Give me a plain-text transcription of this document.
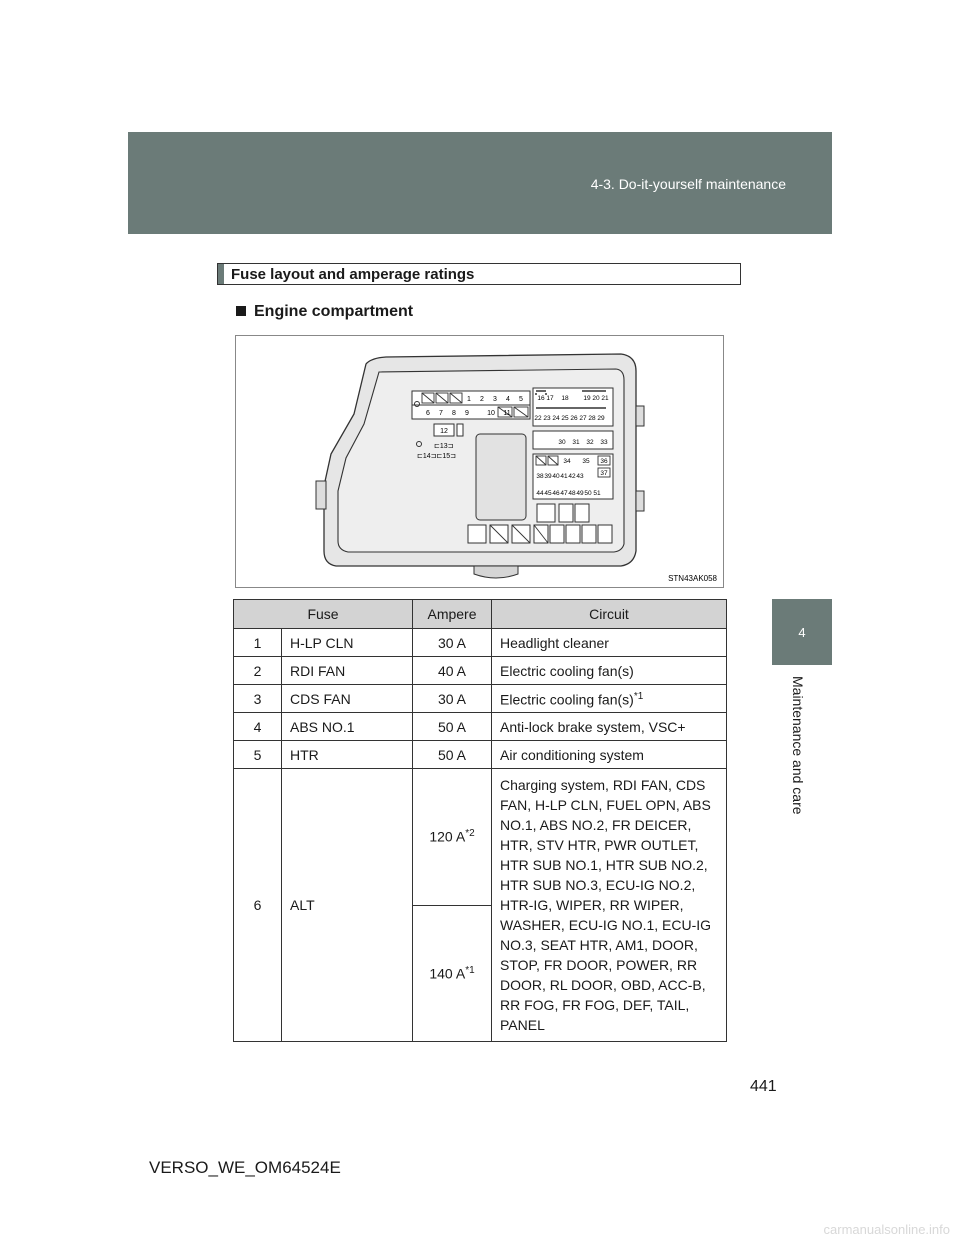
4-3. Do-it-yourself maintenance
4
Maintenance and care
Fuse layout and amperage ratings
Engine compartment
1 2 3 4 5
6 7 8 9	10 11
12
⊏13⊐
⊏14⊐⊏15⊐
16 17 18 19 20 21
22 23 24 25 26 27 28 29
30 31 32 33
34 35 36
37
38 39 40 41 42 43
44 45 46 47 48 49 50 51
STN43AK058
Fuse		Ampere	Circuit
1	H-LP CLN	30 A	Headlight cleaner
2	RDI FAN	40 A	Electric cooling fan(s)
3	CDS FAN	30 A	Electric cooling $fan(s)^{*1}$
4	ABS NO.1	50 A	Anti-lock brake system, VSC+
5	HTR	50 A	Air conditioning system
6	ALT	120 $A^{*2}$	Charging system, RDI FAN, CDS FAN, H-LP CLN, FUEL OPN, ABS NO.1, ABS NO.2, FR DEICER, HTR, STV HTR, PWR OUTLET, HTR SUB NO.1, HTR SUB NO.2, HTR SUB NO.3, ECU-IG NO.2, HTR-IG, WIPER, RR WIPER, WASHER, ECU-IG NO.1, ECU-IG NO.3, SEAT HTR, AM1, DOOR, STOP, FR DOOR, POWER, RR DOOR, RL DOOR, OBD, ACC-B, RR FOG, FR FOG, DEF, TAIL, PANEL
		140 $A^{*1}$
441
VERSO_WE_OM64524E
carmanualsonline.info
